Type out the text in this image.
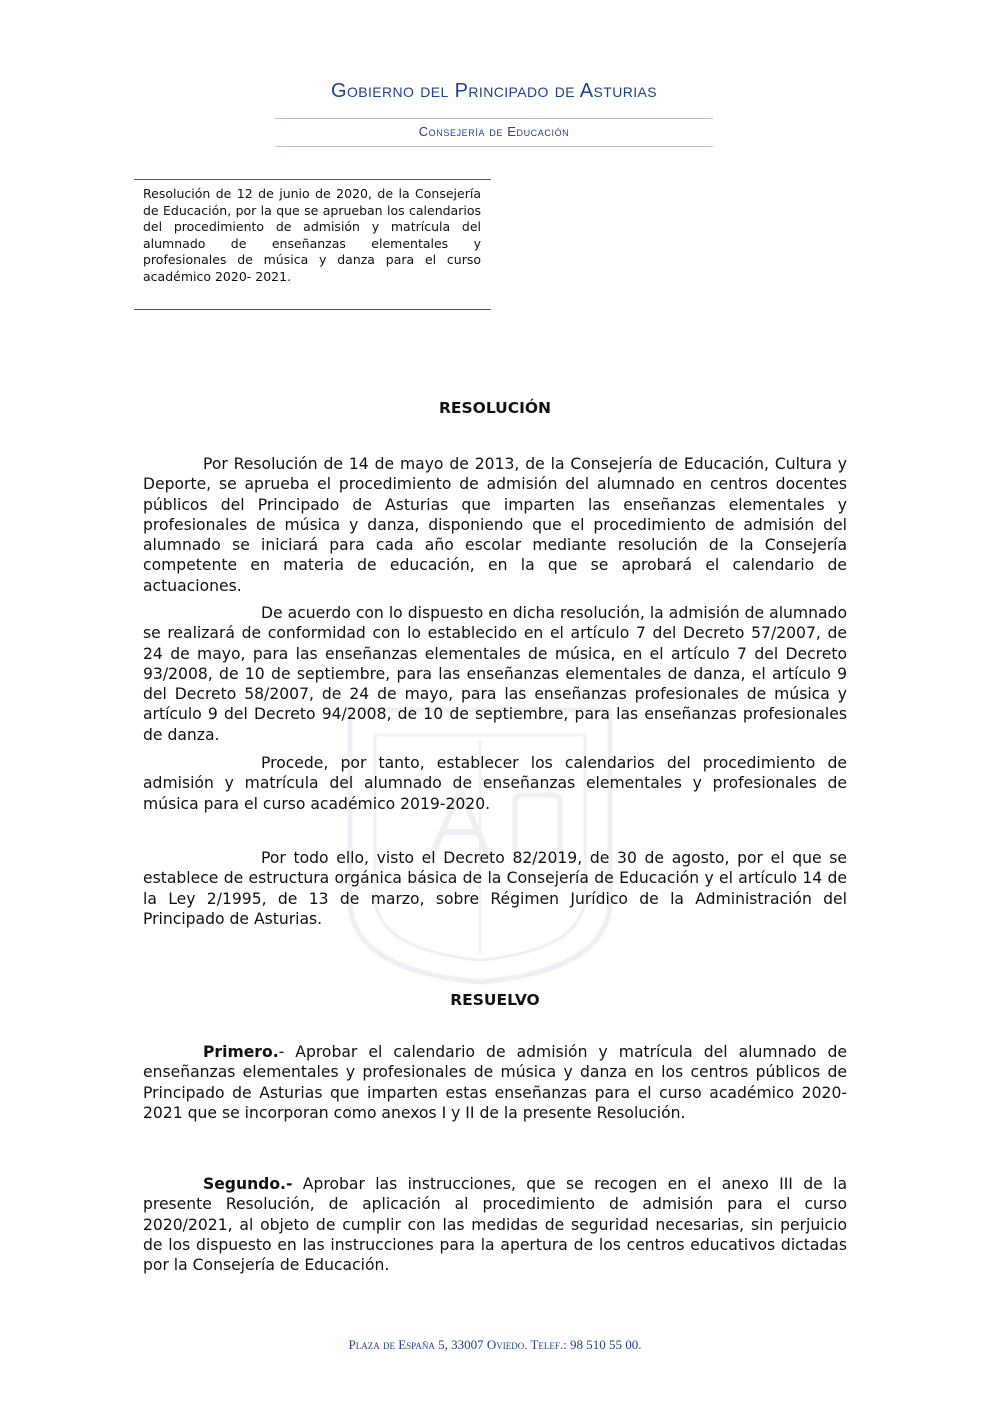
Gobierno del Principado de Asturias
Consejería de Educación
Resolución de 12 de junio de 2020, de la Consejería de Educación, por la que se aprueban los calendarios del procedimiento de admisión y matrícula del alumnado de enseñanzas elementales y profesionales de música y danza para el curso académico 2020- 2021.
RESOLUCIÓN

Por Resolución de 14 de mayo de 2013, de la Consejería de Educación, Cultura y Deporte, se aprueba el procedimiento de admisión del alumnado en centros docentes públicos del Principado de Asturias que imparten las enseñanzas elementales y profesionales de música y danza, disponiendo que el procedimiento de admisión del alumnado se iniciará para cada año escolar mediante resolución de la Consejería competente en materia de educación, en la que se aprobará el calendario de actuaciones.

De acuerdo con lo dispuesto en dicha resolución, la admisión de alumnado se realizará de conformidad con lo establecido en el artículo 7 del Decreto 57/2007, de 24 de mayo, para las enseñanzas elementales de música, en el artículo 7 del Decreto 93/2008, de 10 de septiembre, para las enseñanzas elementales de danza, el artículo 9 del Decreto 58/2007, de 24 de mayo, para las enseñanzas profesionales de música y artículo 9 del Decreto 94/2008, de 10 de septiembre, para las enseñanzas profesionales de danza.

Procede, por tanto, establecer los calendarios del procedimiento de admisión y matrícula del alumnado de enseñanzas elementales y profesionales de música para el curso académico 2019-2020.

Por todo ello, visto el Decreto 82/2019, de 30 de agosto, por el que se establece de estructura orgánica básica de la Consejería de Educación y el artículo 14 de la Ley 2/1995, de 13 de marzo, sobre Régimen Jurídico de la Administración del Principado de Asturias.

RESUELVO

Primero.- Aprobar el calendario de admisión y matrícula del alumnado de enseñanzas elementales y profesionales de música y danza en los centros públicos de Principado de Asturias que imparten estas enseñanzas para el curso académico 2020-2021 que se incorporan como anexos I y II de la presente Resolución.

Segundo.- Aprobar las instrucciones, que se recogen en el anexo III de la presente Resolución, de aplicación al procedimiento de admisión para el curso 2020/2021, al objeto de cumplir con las medidas de seguridad necesarias, sin perjuicio de los dispuesto en las instrucciones para la apertura de los centros educativos dictadas por la Consejería de Educación.

Plaza de España 5, 33007 Oviedo. Telef.: 98 510 55 00.
